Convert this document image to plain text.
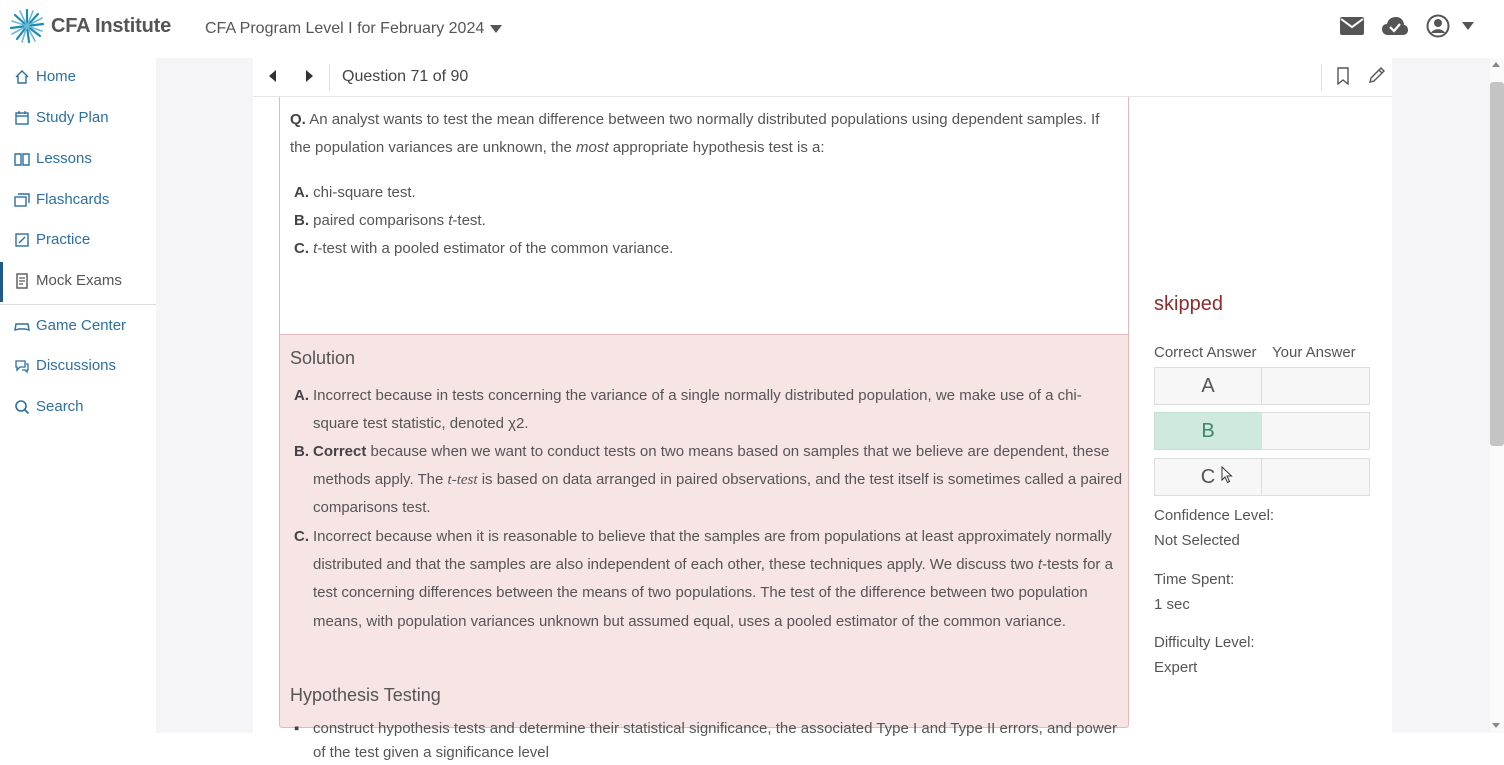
CFA Institute CFA Program Level I for February 2024
Home
Study Plan
Lessons
Flashcards
Practice
Mock Exams
Game Center
Discussions
Search
Question 71 of 90
Q. An analyst wants to test the mean difference between two normally distributed populations using dependent samples. If the population variances are unknown, the most appropriate hypothesis test is a:
A. chi-square test.
B. paired comparisons t-test.
C. t-test with a pooled estimator of the common variance.
Solution
A. Incorrect because in tests concerning the variance of a single normally distributed population, we make use of a chi-square test statistic, denoted χ2.
B. Correct because when we want to conduct tests on two means based on samples that we believe are dependent, these methods apply. The t-test is based on data arranged in paired observations, and the test itself is sometimes called a paired comparisons test.
C. Incorrect because when it is reasonable to believe that the samples are from populations at least approximately normally distributed and that the samples are also independent of each other, these techniques apply. We discuss two t-tests for a test concerning differences between the means of two populations. The test of the difference between two population means, with population variances unknown but assumed equal, uses a pooled estimator of the common variance.
Hypothesis Testing
▪ construct hypothesis tests and determine their statistical significance, the associated Type I and Type II errors, and power of the test given a significance level
skipped
Correct Answer Your Answer
A
B
C
Confidence Level:
Not Selected
Time Spent:
1 sec
Difficulty Level:
Expert
